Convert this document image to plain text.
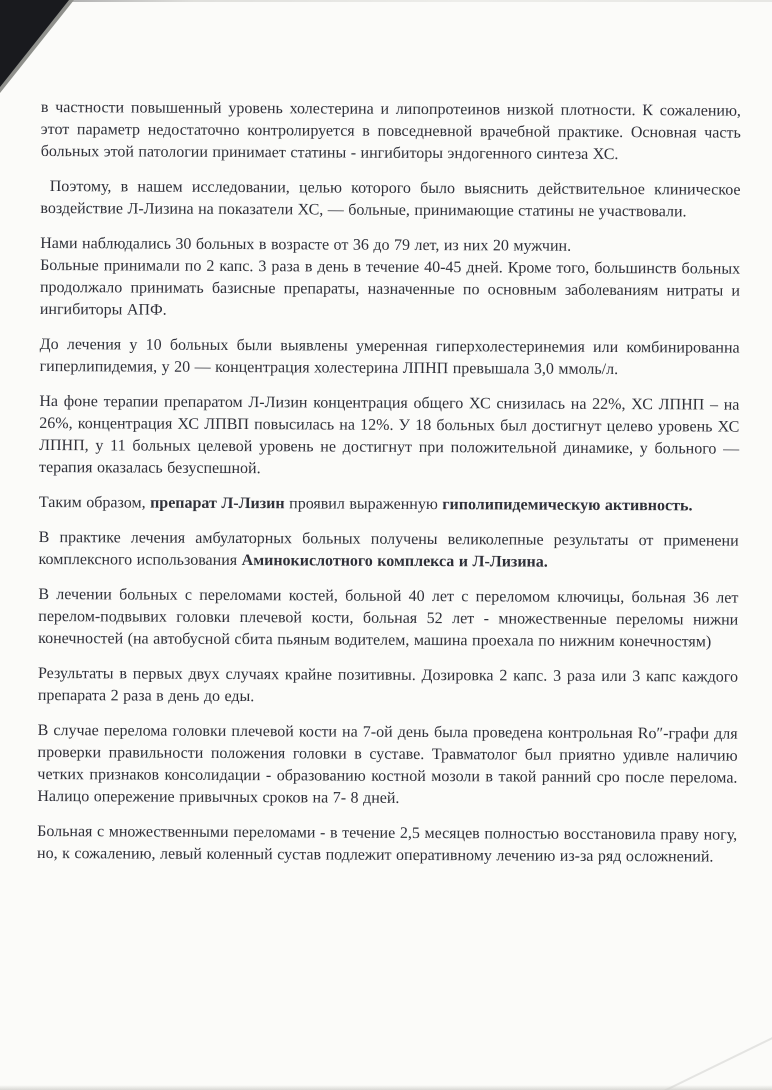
в частности повышенный уровень холестерина и липопротеинов низкой плотности. К сожалению, этот параметр недостаточно контролируется в повседневной врачебной практике. Основная часть больных этой патологии принимает статины - ингибиторы эндогенного синтеза ХС.

Поэтому, в нашем исследовании, целью которого было выяснить действительное клиническое воздействие Л-Лизина на показатели ХС, — больные, принимающие статины не участвовали.

Нами наблюдались 30 больных в возрасте от 36 до 79 лет, из них 20 мужчин.

Больные принимали по 2 капс. 3 раза в день в течение 40-45 дней. Кроме того, большинств больных продолжало принимать базисные препараты, назначенные по основным заболеваниям нитраты и ингибиторы АПФ.

До лечения у 10 больных были выявлены умеренная гиперхолестеринемия или комбинированна гиперлипидемия, у 20 — концентрация холестерина ЛПНП превышала 3,0 ммоль/л.

На фоне терапии препаратом Л-Лизин концентрация общего ХС снизилась на 22%, ХС ЛПНП – на 26%, концентрация ХС ЛПВП повысилась на 12%. У 18 больных был достигнут целево уровень ХС ЛПНП, у 11 больных целевой уровень не достигнут при положительной динамике, у больного — терапия оказалась безуспешной.

Таким образом, препарат Л-Лизин проявил выраженную гиполипидемическую активность.

В практике лечения амбулаторных больных получены великолепные результаты от применени комплексного использования Аминокислотного комплекса и Л-Лизина.

В лечении больных с переломами костей, больной 40 лет с переломом ключицы, больная 36 лет перелом-подвывих головки плечевой кости, больная 52 лет - множественные переломы нижни конечностей (на автобусной сбита пьяным водителем, машина проехала по нижним конечностям)

Результаты в первых двух случаях крайне позитивны. Дозировка 2 капс. 3 раза или 3 капс каждого препарата 2 раза в день до еды.

В случае перелома головки плечевой кости на 7-ой день была проведена контрольная Ro″-графи для проверки правильности положения головки в суставе. Травматолог был приятно удивле наличию четких признаков консолидации - образованию костной мозоли в такой ранний сро после перелома. Налицо опережение привычных сроков на 7- 8 дней.

Больная с множественными переломами - в течение 2,5 месяцев полностью восстановила праву ногу, но, к сожалению, левый коленный сустав подлежит оперативному лечению из-за ряд осложнений.
